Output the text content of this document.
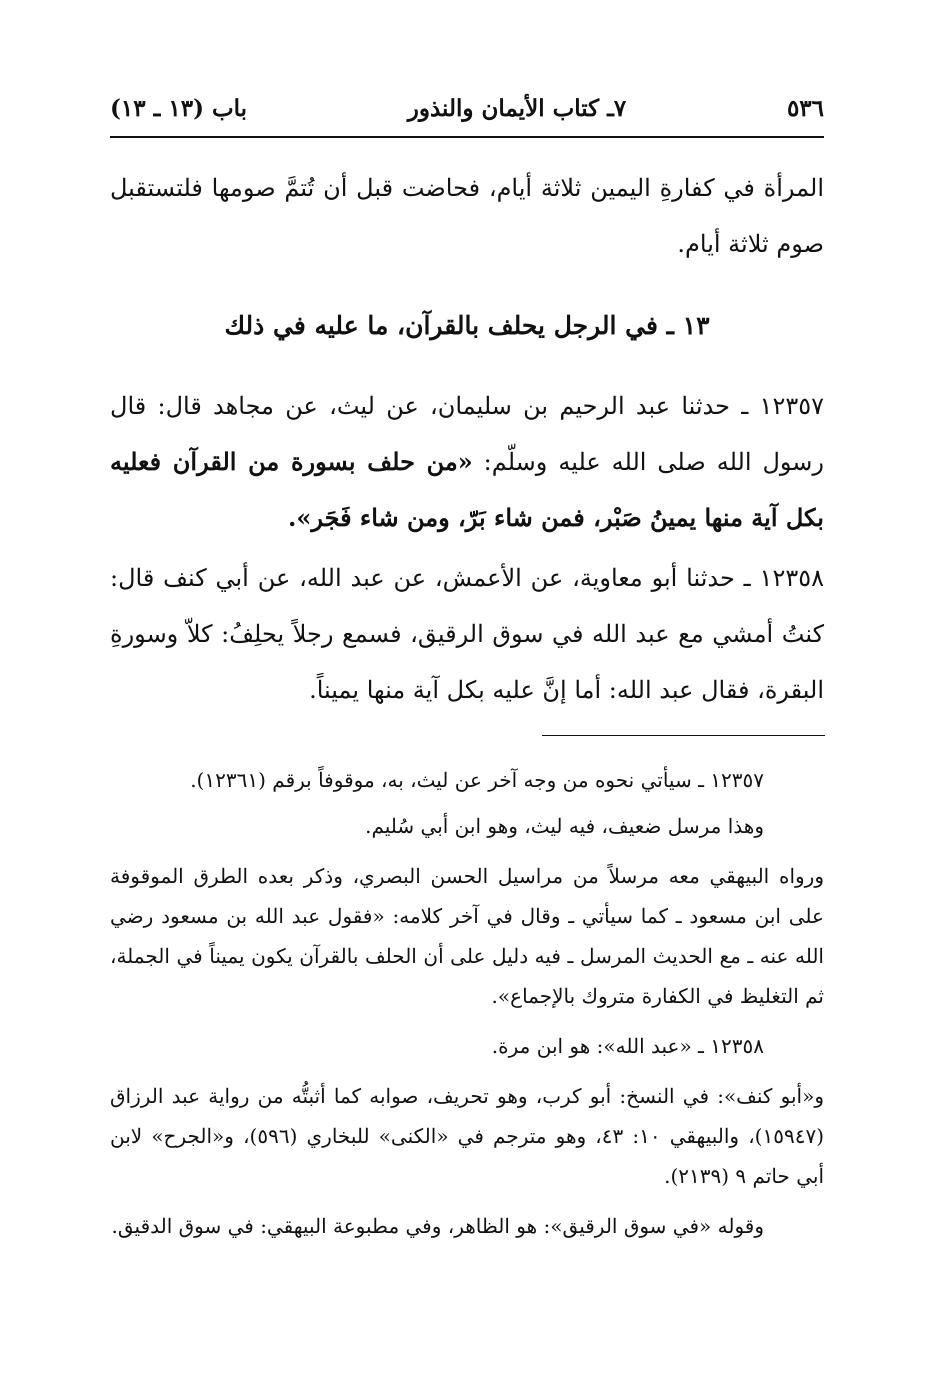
٥٣٦
٧ـ كتاب الأيمان والنذور
باب (١٣ ـ ١٣)

المرأة في كفارةِ اليمين ثلاثة أيام، فحاضت قبل أن تُتمَّ صومها فلتستقبل صوم ثلاثة أيام.

١٣ ـ في الرجل يحلف بالقرآن، ما عليه في ذلك

١٢٣٥٧ ـ حدثنا عبد الرحيم بن سليمان، عن ليث، عن مجاهد قال: قال رسول الله صلى الله عليه وسلّم: «من حلف بسورة من القرآن فعليه بكل آية منها يمينُ صَبْر، فمن شاء بَرّ، ومن شاء فَجَر».

١٢٣٥٨ ـ حدثنا أبو معاوية، عن الأعمش، عن عبد الله، عن أبي كنف قال: كنتُ أمشي مع عبد الله في سوق الرقيق، فسمع رجلاً يحلِفُ: كلاّ وسورةِ البقرة، فقال عبد الله: أما إنَّ عليه بكل آية منها يميناً.

١٢٣٥٧ ـ سيأتي نحوه من وجه آخر عن ليث، به، موقوفاً برقم (١٢٣٦١).

وهذا مرسل ضعيف، فيه ليث، وهو ابن أبي سُليم.

ورواه البيهقي معه مرسلاً من مراسيل الحسن البصري، وذكر بعده الطرق الموقوفة على ابن مسعود ـ كما سيأتي ـ وقال في آخر كلامه: «فقول عبد الله بن مسعود رضي الله عنه ـ مع الحديث المرسل ـ فيه دليل على أن الحلف بالقرآن يكون يميناً في الجملة، ثم التغليظ في الكفارة متروك بالإجماع».

١٢٣٥٨ ـ «عبد الله»: هو ابن مرة.

و«أبو كنف»: في النسخ: أبو كرب، وهو تحريف، صوابه كما أثبتُّه من رواية عبد الرزاق (١٥٩٤٧)، والبيهقي ١٠: ٤٣، وهو مترجم في «الكنى» للبخاري (٥٩٦)، و«الجرح» لابن أبي حاتم ٩ (٢١٣٩).

وقوله «في سوق الرقيق»: هو الظاهر، وفي مطبوعة البيهقي: في سوق الدقيق.
